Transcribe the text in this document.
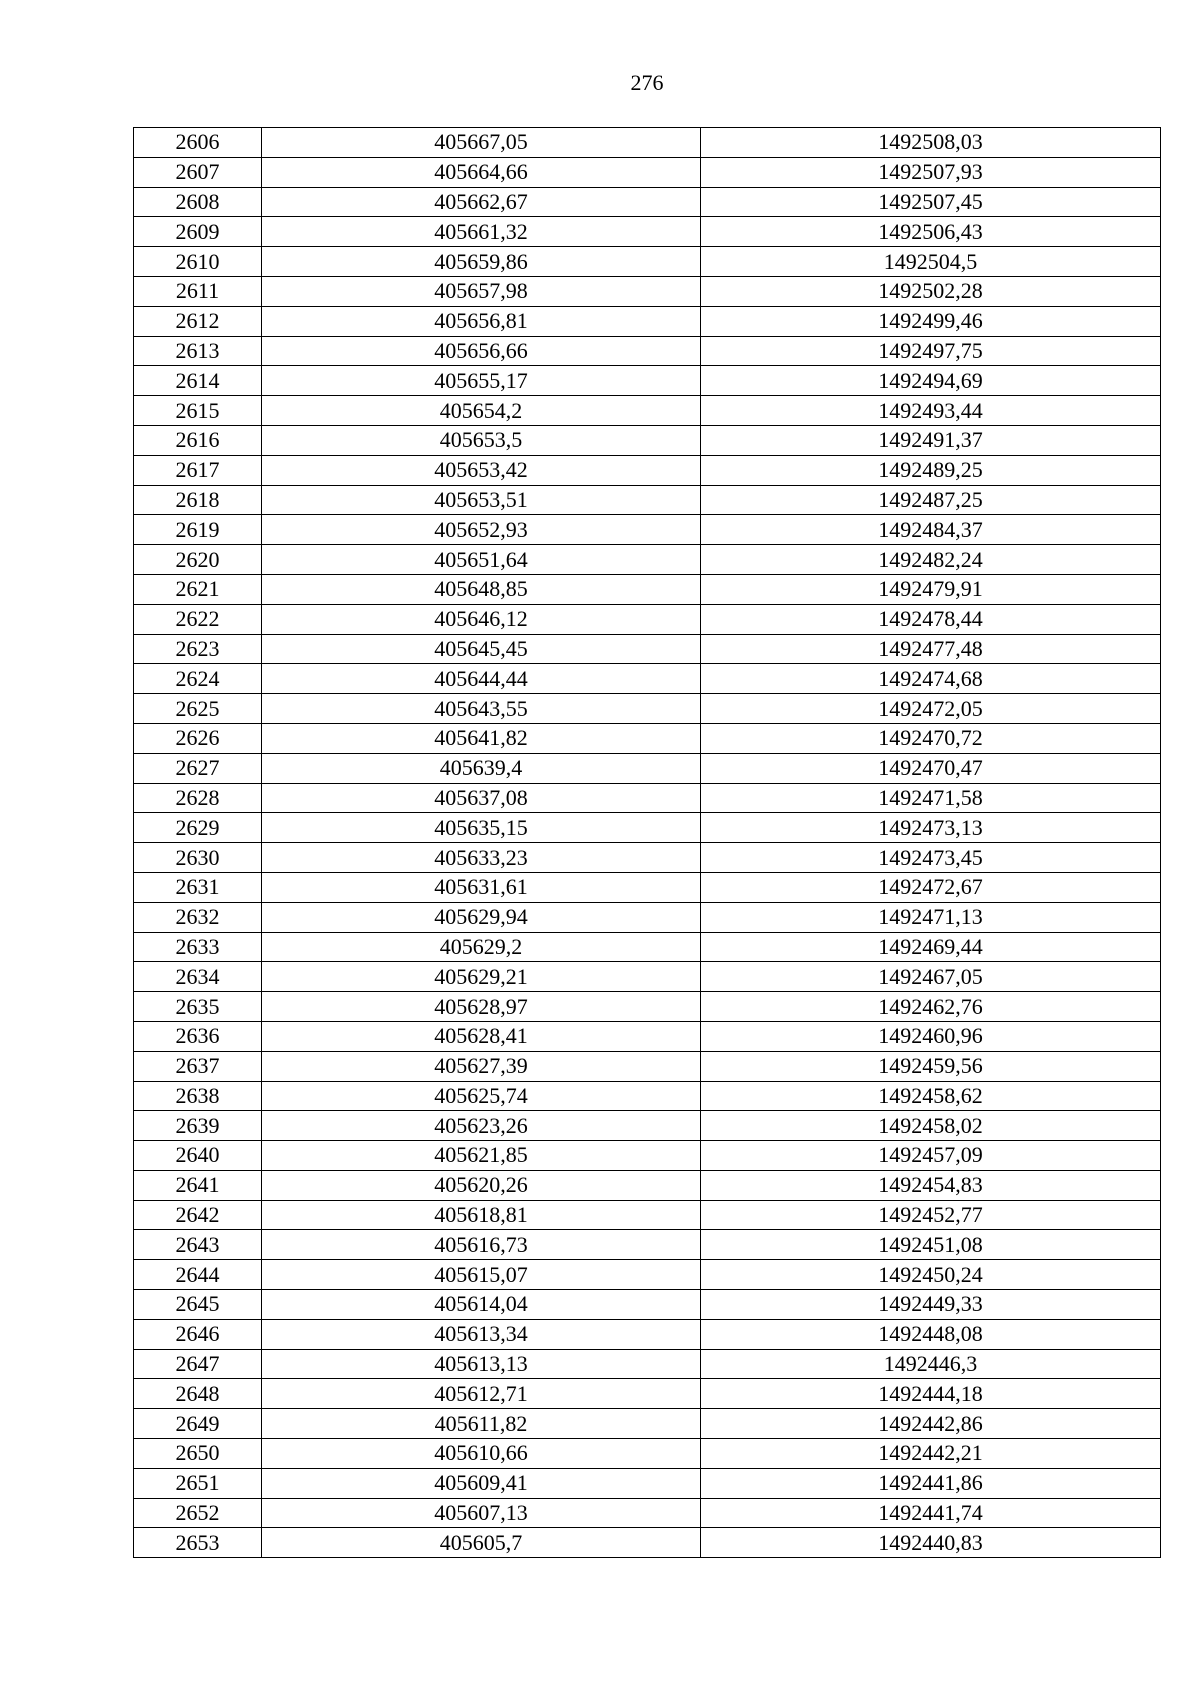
276
2606	405667,05	1492508,03
2607	405664,66	1492507,93
2608	405662,67	1492507,45
2609	405661,32	1492506,43
2610	405659,86	1492504,5
2611	405657,98	1492502,28
2612	405656,81	1492499,46
2613	405656,66	1492497,75
2614	405655,17	1492494,69
2615	405654,2	1492493,44
2616	405653,5	1492491,37
2617	405653,42	1492489,25
2618	405653,51	1492487,25
2619	405652,93	1492484,37
2620	405651,64	1492482,24
2621	405648,85	1492479,91
2622	405646,12	1492478,44
2623	405645,45	1492477,48
2624	405644,44	1492474,68
2625	405643,55	1492472,05
2626	405641,82	1492470,72
2627	405639,4	1492470,47
2628	405637,08	1492471,58
2629	405635,15	1492473,13
2630	405633,23	1492473,45
2631	405631,61	1492472,67
2632	405629,94	1492471,13
2633	405629,2	1492469,44
2634	405629,21	1492467,05
2635	405628,97	1492462,76
2636	405628,41	1492460,96
2637	405627,39	1492459,56
2638	405625,74	1492458,62
2639	405623,26	1492458,02
2640	405621,85	1492457,09
2641	405620,26	1492454,83
2642	405618,81	1492452,77
2643	405616,73	1492451,08
2644	405615,07	1492450,24
2645	405614,04	1492449,33
2646	405613,34	1492448,08
2647	405613,13	1492446,3
2648	405612,71	1492444,18
2649	405611,82	1492442,86
2650	405610,66	1492442,21
2651	405609,41	1492441,86
2652	405607,13	1492441,74
2653	405605,7	1492440,83
